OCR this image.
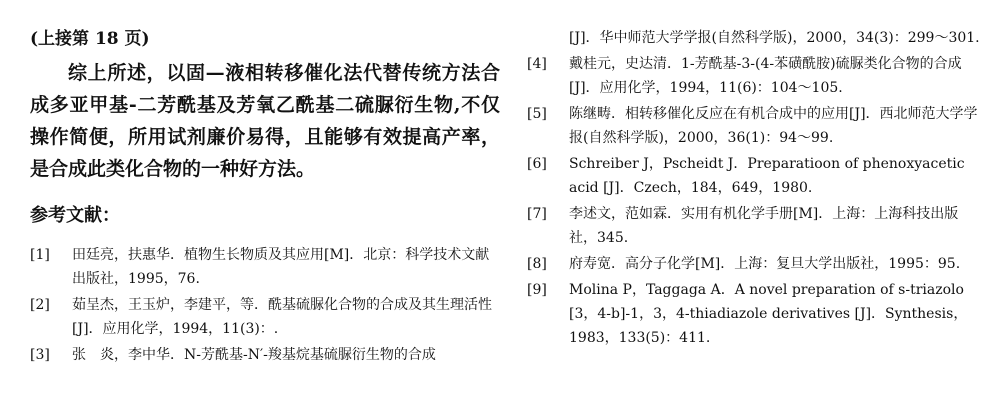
(上接第 18 页)
综上所述，以固—液相转移催化法代替传统方法合成多亚甲基-二芳酰基及芳氧乙酰基二硫脲衍生物,不仅操作简便，所用试剂廉价易得，且能够有效提高产率，是合成此类化合物的一种好方法。
参考文献：
[1]	田廷亮，扶惠华．植物生长物质及其应用[M]．北京：科学技术文献出版社，1995，76.
[2]	茹呈杰，王玉炉，李建平，等．酰基硫脲化合物的合成及其生理活性[J]．应用化学，1994，11(3)：.
[3]	张　炎，李中华．N-芳酰基-N′-羧基烷基硫脲衍生物的合成
[J]．华中师范大学学报(自然科学版)，2000，34(3)：299～301.
[4]	戴桂元，史达清．1-芳酰基-3-(4-苯磺酰胺)硫脲类化合物的合成[J]．应用化学，1994，11(6)：104～105.
[5]	陈继畴．相转移催化反应在有机合成中的应用[J]．西北师范大学学报(自然科学版)，2000，36(1)：94～99.
[6]	Schreiber J，Pscheidt J．Preparatioon of phenoxyacetic acid [J]．Czech，184，649，1980.
[7]	李述文，范如霖．实用有机化学手册[M]．上海：上海科技出版社，345.
[8]	府寿宽．高分子化学[M]．上海：复旦大学出版社，1995：95.
[9]	Molina P，Taggaga A．A novel preparation of s-triazolo [3，4-b]-1，3，4-thiadiazole derivatives [J]．Synthesis，1983，133(5)：411.
